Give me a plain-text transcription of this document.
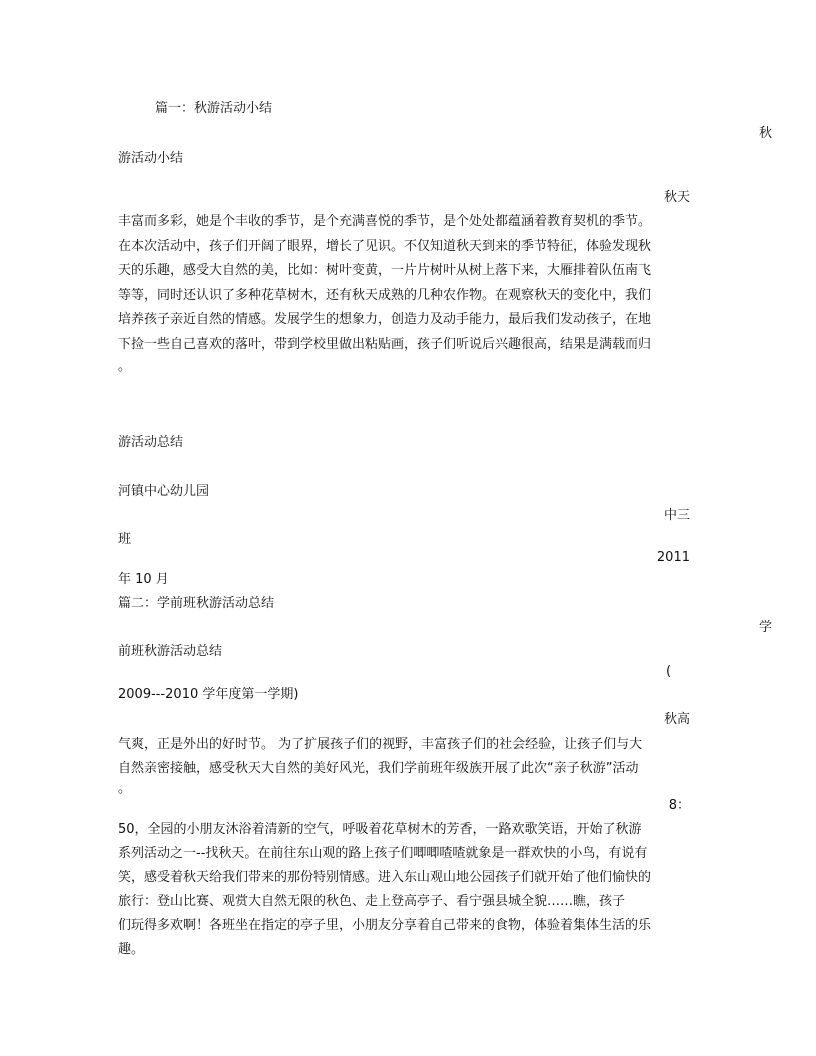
篇一：秋游活动小结
秋
游活动小结
秋天
丰富而多彩，她是个丰收的季节，是个充满喜悦的季节，是个处处都蕴涵着教育契机的季节。
在本次活动中，孩子们开阔了眼界，增长了见识。不仅知道秋天到来的季节特征，体验发现秋
天的乐趣，感受大自然的美，比如：树叶变黄，一片片树叶从树上落下来，大雁排着队伍南飞
等等，同时还认识了多种花草树木，还有秋天成熟的几种农作物。在观察秋天的变化中，我们
培养孩子亲近自然的情感。发展学生的想象力，创造力及动手能力，最后我们发动孩子，在地
下捡一些自己喜欢的落叶，带到学校里做出粘贴画，孩子们听说后兴趣很高，结果是满载而归
。
游活动总结
河镇中心幼儿园
中三
班
2011
年 10 月
篇二：学前班秋游活动总结
学
前班秋游活动总结
(
2009---2010 学年度第一学期)
秋高
气爽，正是外出的好时节。 为了扩展孩子们的视野，丰富孩子们的社会经验，让孩子们与大
自然亲密接触，感受秋天大自然的美好风光，我们学前班年级族开展了此次“亲子秋游”活动
。
8：
50，全园的小朋友沐浴着清新的空气，呼吸着花草树木的芳香，一路欢歌笑语，开始了秋游
系列活动之一--找秋天。在前往东山观的路上孩子们唧唧喳喳就象是一群欢快的小鸟，有说有
笑，感受着秋天给我们带来的那份特别情感。进入东山观山地公园孩子们就开始了他们愉快的
旅行：登山比赛、观赏大自然无限的秋色、走上登高亭子、看宁强县城全貌……瞧，孩子
们玩得多欢啊！各班坐在指定的亭子里，小朋友分享着自己带来的食物，体验着集体生活的乐
趣。
